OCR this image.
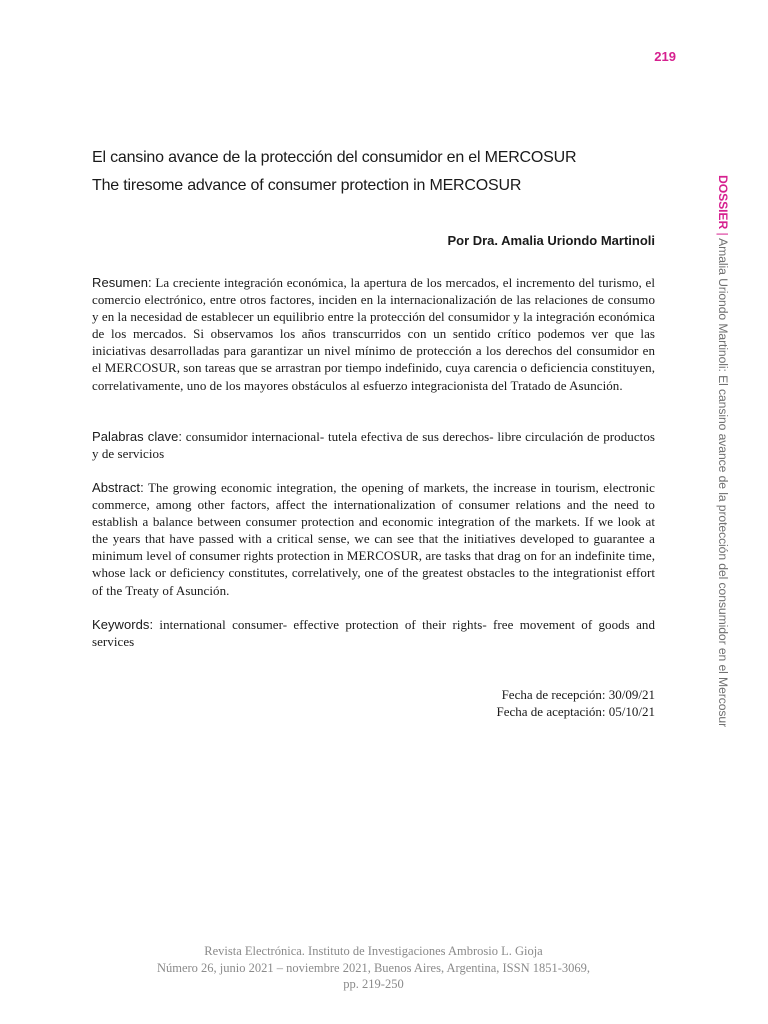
219
El cansino avance de la protección del consumidor en el MERCOSUR
The tiresome advance of consumer protection in MERCOSUR
Por Dra. Amalia Uriondo Martinoli
Resumen: La creciente integración económica, la apertura de los mercados, el incremento del turismo, el comercio electrónico, entre otros factores, inciden en la internacionalización de las relaciones de consumo y en la necesidad de establecer un equilibrio entre la protección del consumidor y la integración económica de los mercados. Si observamos los años transcurridos con un sentido crítico podemos ver que las iniciativas desarrolladas para garantizar un nivel mínimo de protección a los derechos del consumidor en el MERCOSUR, son tareas que se arrastran por tiempo indefinido, cuya carencia o deficiencia constituyen, correlativamente, uno de los mayores obstáculos al esfuerzo integracionista del Tratado de Asunción.
Palabras clave: consumidor internacional- tutela efectiva de sus derechos- libre circulación de productos y de servicios
Abstract: The growing economic integration, the opening of markets, the increase in tourism, electronic commerce, among other factors, affect the internationalization of consumer relations and the need to establish a balance between consumer protection and economic integration of the markets. If we look at the years that have passed with a critical sense, we can see that the initiatives developed to guarantee a minimum level of consumer rights protection in MERCOSUR, are tasks that drag on for an indefinite time, whose lack or deficiency constitutes, correlatively, one of the greatest obstacles to the integrationist effort of the Treaty of Asunción.
Keywords: international consumer- effective protection of their rights- free movement of goods and services
Fecha de recepción: 30/09/21
Fecha de aceptación: 05/10/21
Revista Electrónica. Instituto de Investigaciones Ambrosio L. Gioja
Número 26, junio 2021 – noviembre 2021, Buenos Aires, Argentina, ISSN 1851-3069,
pp. 219-250
DOSSIER | Amalia Uriondo Martinoli: El cansino avance de la protección del consumidor en el Mercosur
